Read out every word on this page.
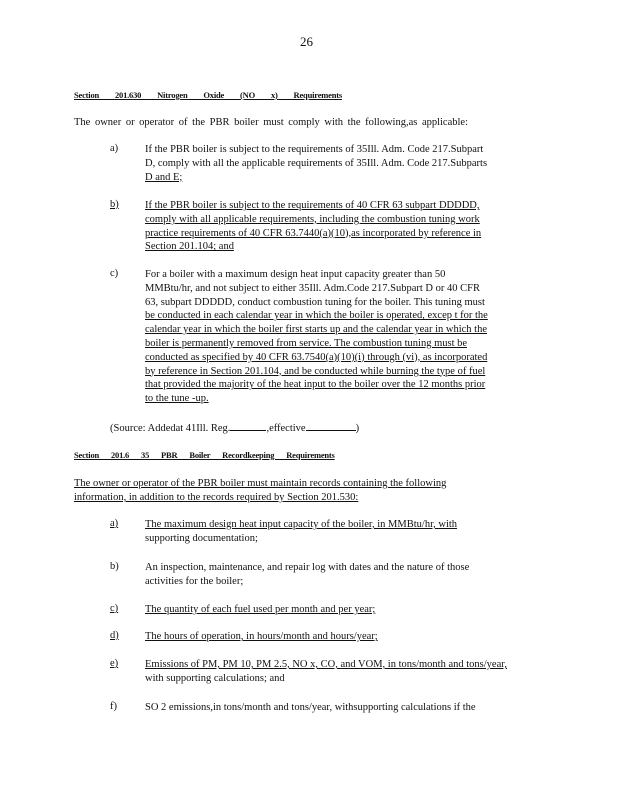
26
Section 201.630 Nitrogen Oxide (NO x) Requirements
The owner or operator of the PBR boiler must comply with the following,as applicable:
a)	If the PBR boiler is subject to the requirements of 35Ill. Adm. Code 217.Subpart
D, comply with all the applicable requirements of 35Ill. Adm. Code 217.Subparts
D and E;
b)	If the PBR boiler is subject to the requirements of 40 CFR 63 subpart DDDDD,
comply with all applicable requirements, including the combustion tuning work
practice requirements of 40 CFR 63.7440(a)(10),as incorporated by reference in
Section 201.104; and
c)	For a boiler with a maximum design heat input capacity greater than 50
MMBtu/hr, and not subject to either 35Ill. Adm.Code 217.Subpart D or 40 CFR
63, subpart DDDDD, conduct combustion tuning for the boiler. This tuning must
be conducted in each calendar year in which the boiler is operated, excep t for the
calendar year in which the boiler first starts up and the calendar year in which the
boiler is permanently removed from service. The combustion tuning must be
conducted as specified by 40 CFR 63.7540(a)(10)(i) through (vi), as incorporated
by reference in Section 201.104, and be conducted while burning the type of fuel
that provided the majority of the heat input to the boiler over the 12 months prior
to the tune -up.
(Source: Addedat 41Ill. Reg.	,effective	)
Section 201.6 35 PBR Boiler Recordkeeping Requirements
The owner or operator of the PBR boiler must maintain records containing the following
information, in addition to the records required by Section 201.530:
a)	The maximum design heat input capacity of the boiler, in MMBtu/hr, with
supporting documentation;
b)	An inspection, maintenance, and repair log with dates and the nature of those
activities for the boiler;
c)	The quantity of each fuel used per month and per year;
d)	The hours of operation, in hours/month and hours/year;
e)	Emissions of PM, PM 10, PM 2.5, NO x, CO, and VOM, in tons/month and tons/year,
with supporting calculations; and
f)	SO 2 emissions,in tons/month and tons/year, withsupporting calculations if the
